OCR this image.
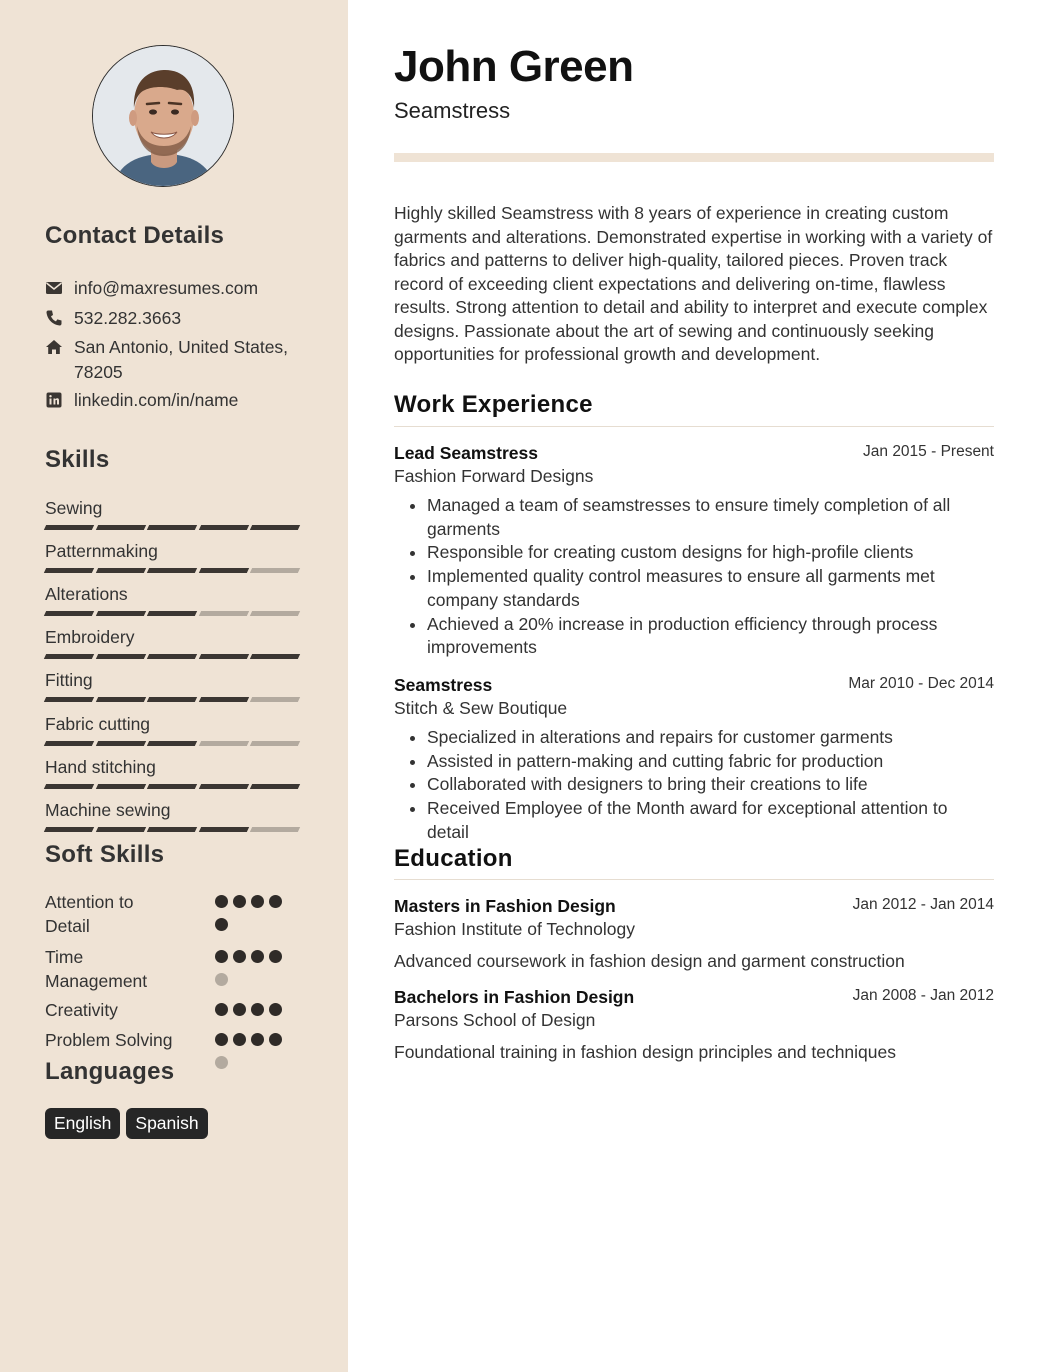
Contact Details
info@maxresumes.com
532.282.3663
San Antonio, United States,
78205
linkedin.com/in/name
Skills
Sewing
Patternmaking
Alterations
Embroidery
Fitting
Fabric cutting
Hand stitching
Machine sewing
Soft Skills
Attention to Detail
Time Management
Creativity
Problem Solving
Languages
English	Spanish
John Green

Seamstress

Highly skilled Seamstress with 8 years of experience in creating custom garments and alterations. Demonstrated expertise in working with a variety of fabrics and patterns to deliver high-quality, tailored pieces. Proven track record of exceeding client expectations and delivering on-time, flawless results. Strong attention to detail and ability to interpret and execute complex designs. Passionate about the art of sewing and continuously seeking opportunities for professional growth and development.

Work Experience
Lead Seamstress	Jan 2015 - Present
Fashion Forward Designs
• Managed a team of seamstresses to ensure timely completion of all garments
• Responsible for creating custom designs for high-profile clients
• Implemented quality control measures to ensure all garments met company standards
• Achieved a 20% increase in production efficiency through process improvements
Seamstress	Mar 2010 - Dec 2014
Stitch & Sew Boutique
• Specialized in alterations and repairs for customer garments
• Assisted in pattern-making and cutting fabric for production
• Collaborated with designers to bring their creations to life
• Received Employee of the Month award for exceptional attention to detail
Education
Masters in Fashion Design	Jan 2012 - Jan 2014
Fashion Institute of Technology
Advanced coursework in fashion design and garment construction
Bachelors in Fashion Design	Jan 2008 - Jan 2012
Parsons School of Design
Foundational training in fashion design principles and techniques
